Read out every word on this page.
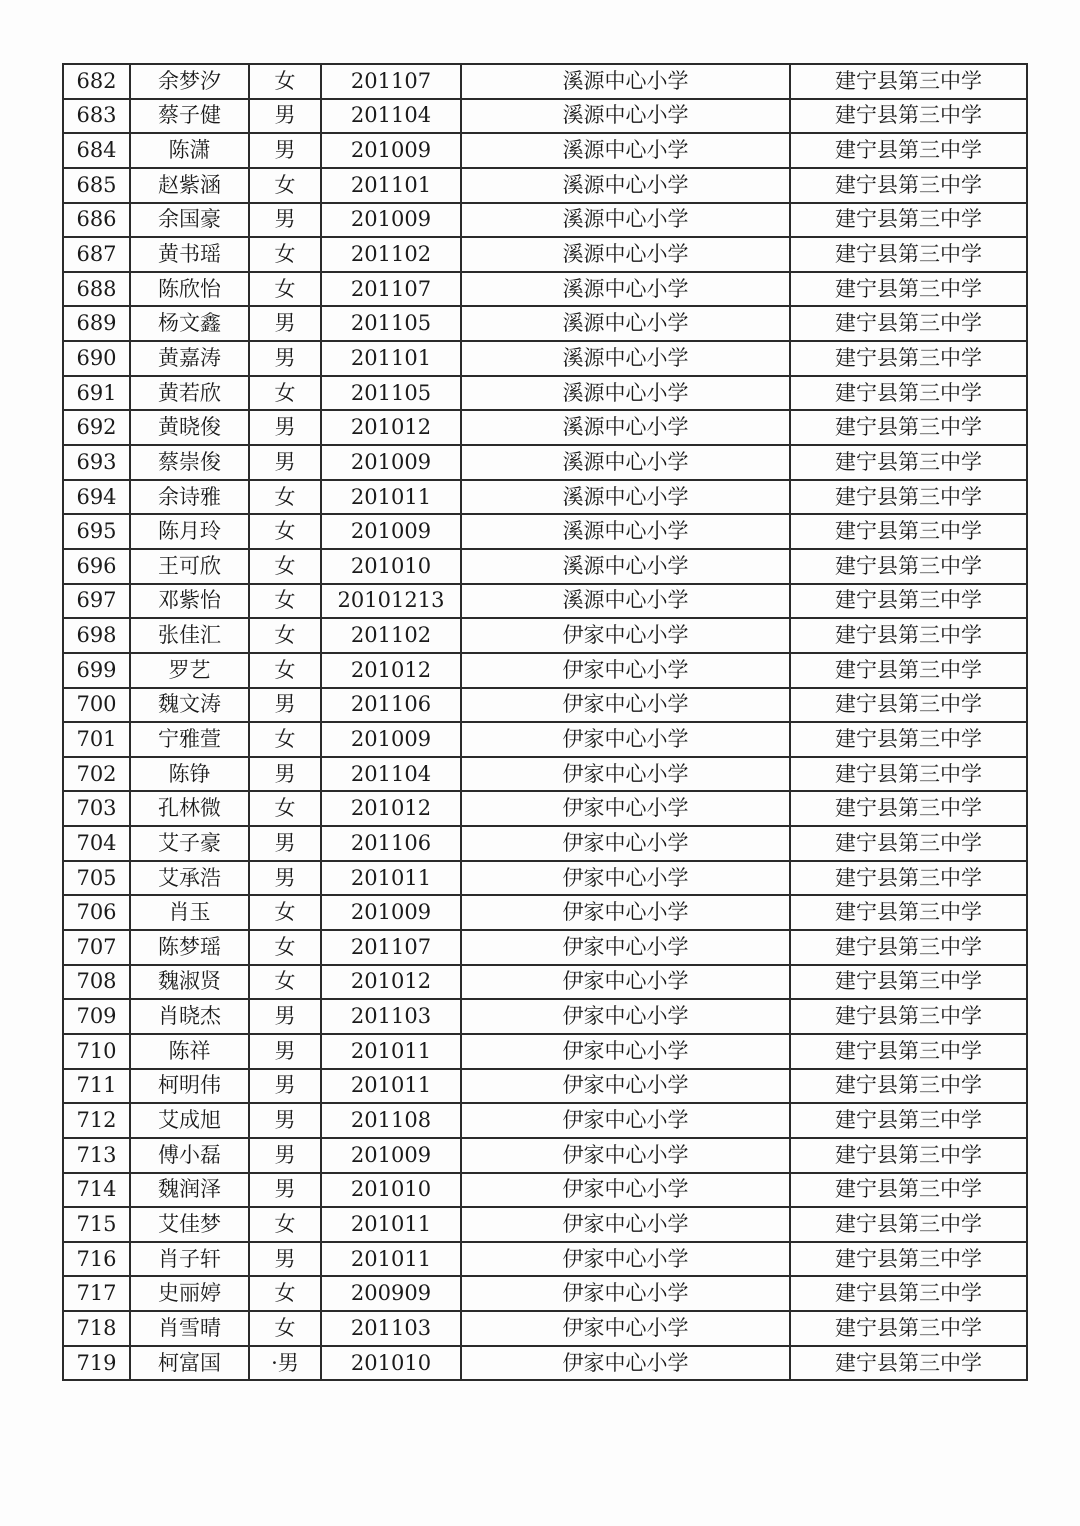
682	余梦汐	女	201107	溪源中心小学	建宁县第三中学
683	蔡子健	男	201104	溪源中心小学	建宁县第三中学
684	陈潇	男	201009	溪源中心小学	建宁县第三中学
685	赵紫涵	女	201101	溪源中心小学	建宁县第三中学
686	余国豪	男	201009	溪源中心小学	建宁县第三中学
687	黄书瑶	女	201102	溪源中心小学	建宁县第三中学
688	陈欣怡	女	201107	溪源中心小学	建宁县第三中学
689	杨文鑫	男	201105	溪源中心小学	建宁县第三中学
690	黄嘉涛	男	201101	溪源中心小学	建宁县第三中学
691	黄若欣	女	201105	溪源中心小学	建宁县第三中学
692	黄晓俊	男	201012	溪源中心小学	建宁县第三中学
693	蔡崇俊	男	201009	溪源中心小学	建宁县第三中学
694	余诗雅	女	201011	溪源中心小学	建宁县第三中学
695	陈月玲	女	201009	溪源中心小学	建宁县第三中学
696	王可欣	女	201010	溪源中心小学	建宁县第三中学
697	邓紫怡	女	20101213	溪源中心小学	建宁县第三中学
698	张佳汇	女	201102	伊家中心小学	建宁县第三中学
699	罗艺	女	201012	伊家中心小学	建宁县第三中学
700	魏文涛	男	201106	伊家中心小学	建宁县第三中学
701	宁雅萱	女	201009	伊家中心小学	建宁县第三中学
702	陈铮	男	201104	伊家中心小学	建宁县第三中学
703	孔林微	女	201012	伊家中心小学	建宁县第三中学
704	艾子豪	男	201106	伊家中心小学	建宁县第三中学
705	艾承浩	男	201011	伊家中心小学	建宁县第三中学
706	肖玉	女	201009	伊家中心小学	建宁县第三中学
707	陈梦瑶	女	201107	伊家中心小学	建宁县第三中学
708	魏淑贤	女	201012	伊家中心小学	建宁县第三中学
709	肖晓杰	男	201103	伊家中心小学	建宁县第三中学
710	陈祥	男	201011	伊家中心小学	建宁县第三中学
711	柯明伟	男	201011	伊家中心小学	建宁县第三中学
712	艾成旭	男	201108	伊家中心小学	建宁县第三中学
713	傅小磊	男	201009	伊家中心小学	建宁县第三中学
714	魏润泽	男	201010	伊家中心小学	建宁县第三中学
715	艾佳梦	女	201011	伊家中心小学	建宁县第三中学
716	肖子轩	男	201011	伊家中心小学	建宁县第三中学
717	史丽婷	女	200909	伊家中心小学	建宁县第三中学
718	肖雪晴	女	201103	伊家中心小学	建宁县第三中学
719	柯富国	·男	201010	伊家中心小学	建宁县第三中学
